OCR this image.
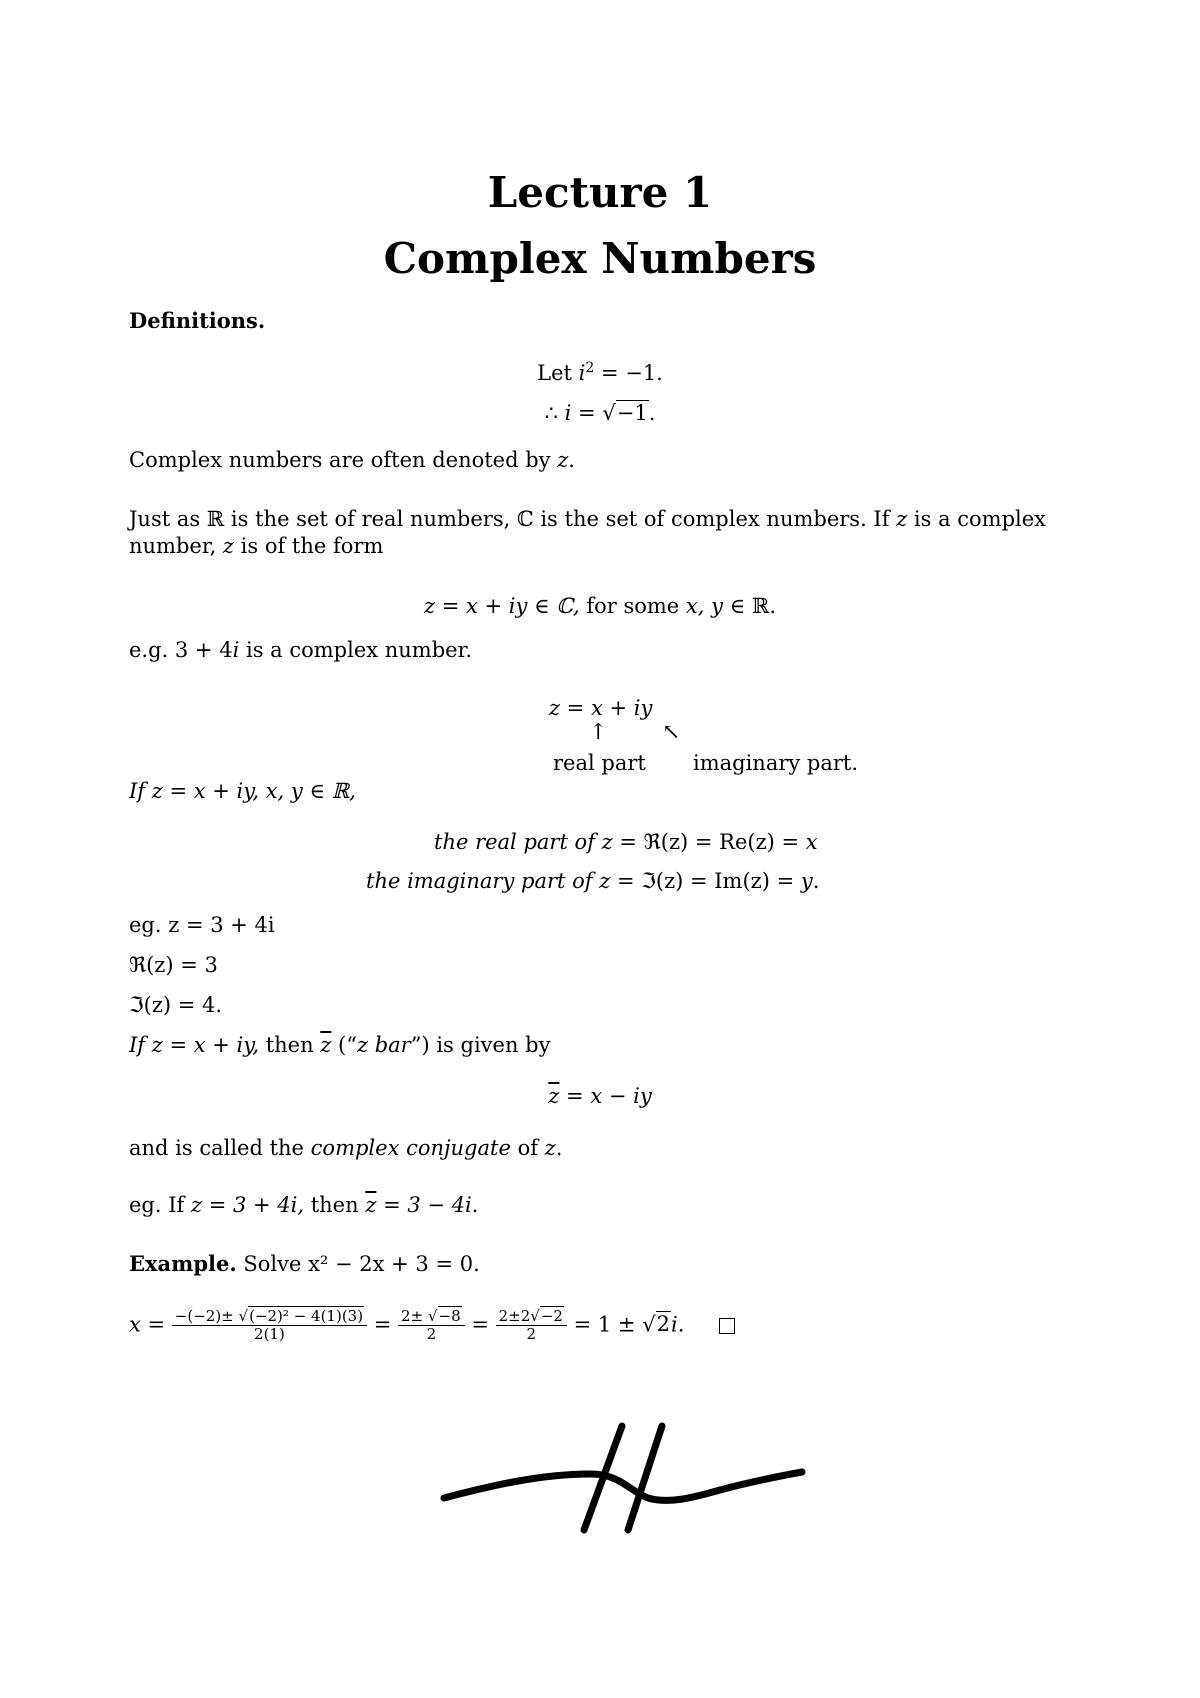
Lecture 1
Complex Numbers
Definitions.
Let $i^2 = -1$.
∴ i = √−1.
Complex numbers are often denoted by z.
Just as ℝ is the set of real numbers, ℂ is the set of complex numbers. If z is a complex number, z is of the form
z = x + iy ∈ ℂ, for some x, y ∈ ℝ.
e.g. 3 + 4i is a complex number.
z = x + iy
↑ ↖
real part imaginary part.
If z = x + iy, x, y ∈ ℝ,
the real part of z = ℜ(z) = Re(z) = x
the imaginary part of z = ℑ(z) = Im(z) = y.
eg. z = 3 + 4i
ℜ(z) = 3
ℑ(z) = 4.
If z = x + iy, then $\overline{z}$ (“z bar”) is given by
$\overline{z} = x$ − iy
and is called the complex conjugate of z.
eg. If z = 3 + 4i, then $\overline{z} = 3 - 4i$.
Example. Solve x² − 2x + 3 = 0.
$x = \frac{\text{−(−2)± √(−2)² − 4(1)(3)}}{2(1)} = \frac{2\pm √-8}{2} = \frac{2\pm 2√-2}{2} = 1 \pm √2i$.
